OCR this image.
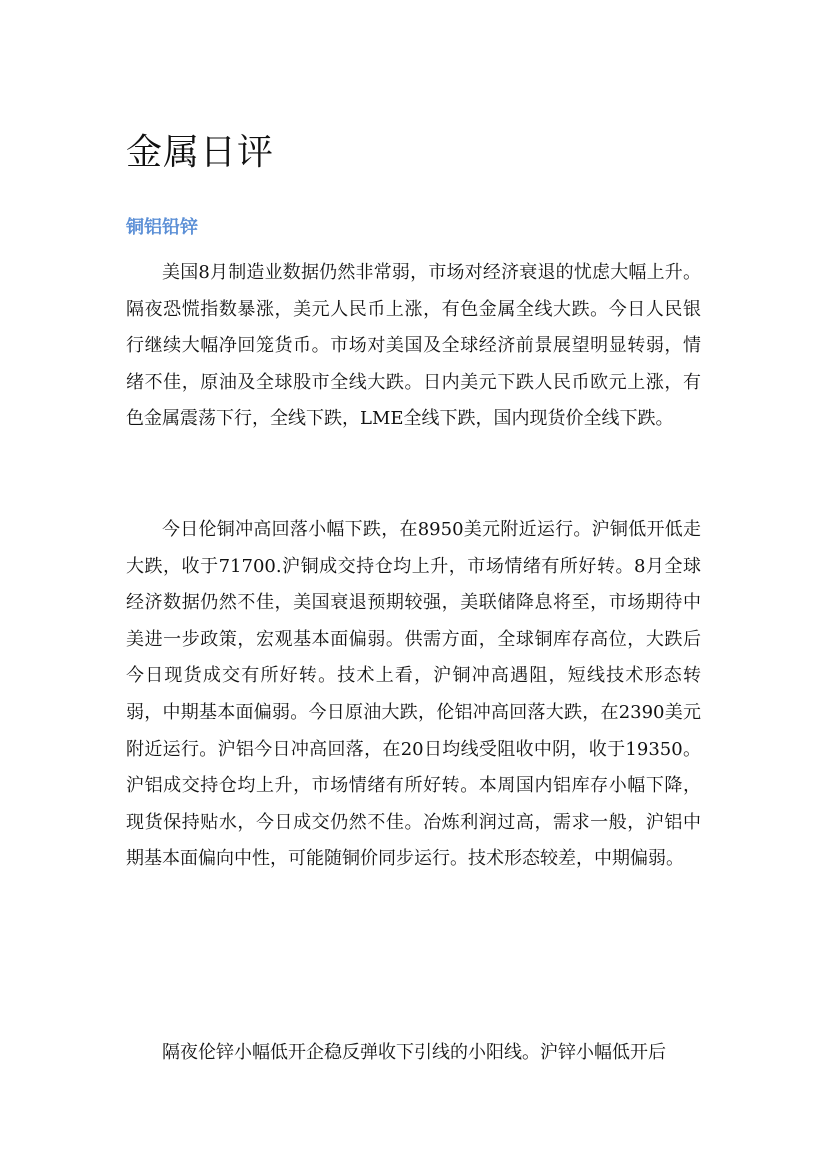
金属日评
铜铝铅锌

美国8月制造业数据仍然非常弱，市场对经济衰退的忧虑大幅上升。隔夜恐慌指数暴涨，美元人民币上涨，有色金属全线大跌。今日人民银行继续大幅净回笼货币。市场对美国及全球经济前景展望明显转弱，情绪不佳，原油及全球股市全线大跌。日内美元下跌人民币欧元上涨，有色金属震荡下行，全线下跌，LME全线下跌，国内现货价全线下跌。

今日伦铜冲高回落小幅下跌，在8950美元附近运行。沪铜低开低走大跌，收于71700.沪铜成交持仓均上升，市场情绪有所好转。8月全球经济数据仍然不佳，美国衰退预期较强，美联储降息将至，市场期待中美进一步政策，宏观基本面偏弱。供需方面，全球铜库存高位，大跌后今日现货成交有所好转。技术上看，沪铜冲高遇阻，短线技术形态转弱，中期基本面偏弱。今日原油大跌，伦铝冲高回落大跌，在2390美元附近运行。沪铝今日冲高回落，在20日均线受阻收中阴，收于19350。沪铝成交持仓均上升，市场情绪有所好转。本周国内铝库存小幅下降，现货保持贴水，今日成交仍然不佳。冶炼利润过高，需求一般，沪铝中期基本面偏向中性，可能随铜价同步运行。技术形态较差，中期偏弱。

隔夜伦锌小幅低开企稳反弹收下引线的小阳线。沪锌小幅低开后
